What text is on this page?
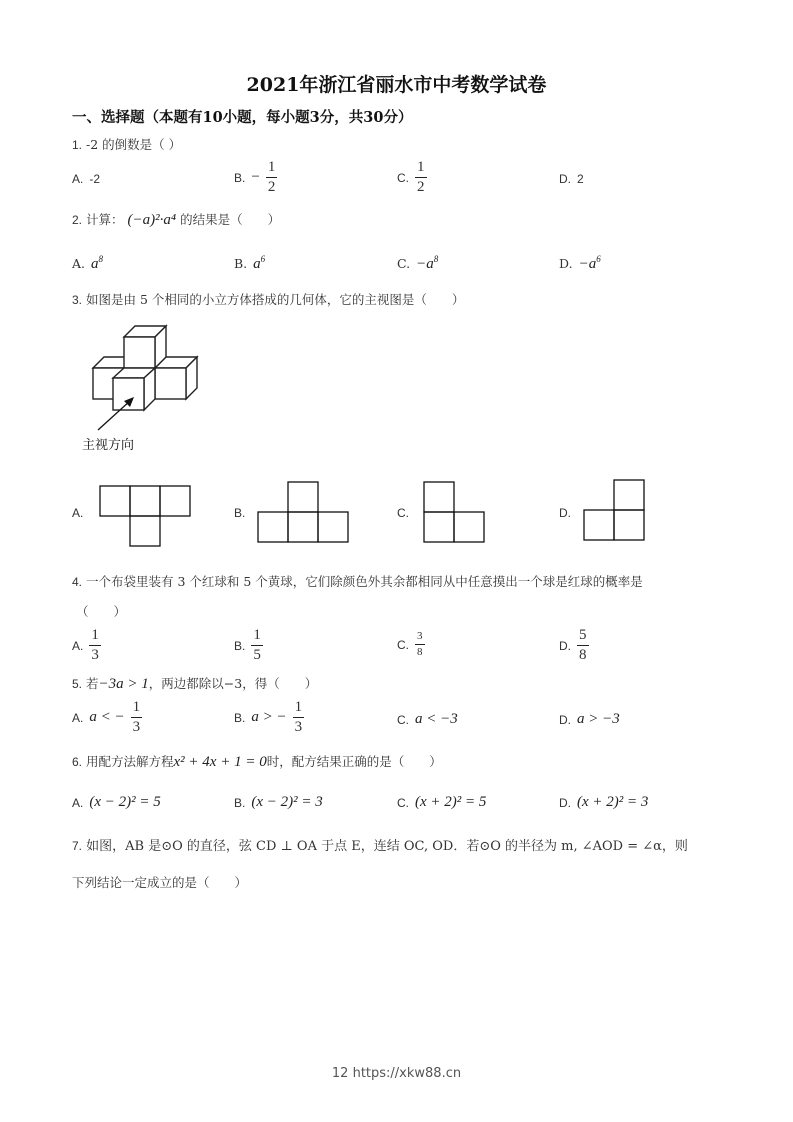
2021年浙江省丽水市中考数学试卷
一、选择题（本题有10小题，每小题3分，共30分）
1. -2 的倒数是（ ）
A. -2	B. − $\frac{1}{2}$	C. $\frac{1}{2}$	D. 2
2. 计算： (−a)²·a⁴ 的结果是（　　）
A. $a^8$	B. $a^6$	C. $-a^8$	D. $-a^6$
3. 如图是由 5 个相同的小立方体搭成的几何体，它的主视图是（　　）
主视方向
A.	B.	C.	D.
4. 一个布袋里装有 3 个红球和 5 个黄球，它们除颜色外其余都相同从中任意摸出一个球是红球的概率是
（　　）
A. $\frac{1}{3}$	B. $\frac{1}{5}$	C. $\frac{3}{8}$	D. $\frac{5}{8}$
5. 若−3a > 1，两边都除以−3，得（　　）
A. a < − $\frac{1}{3}$	B. a > − $\frac{1}{3}$	C. a < −3	D. a > −3
6. 用配方法解方程x² + 4x + 1 = 0时，配方结果正确的是（　　）
A. (x − 2)² = 5	B. (x − 2)² = 3	C. (x + 2)² = 5	D. (x + 2)² = 3
7. 如图，AB 是⊙O 的直径，弦 CD ⊥ OA 于点 E，连结 OC, OD．若⊙O 的半径为 m, ∠AOD = ∠α，则
下列结论一定成立的是（　　）
12 https://xkw88.cn
